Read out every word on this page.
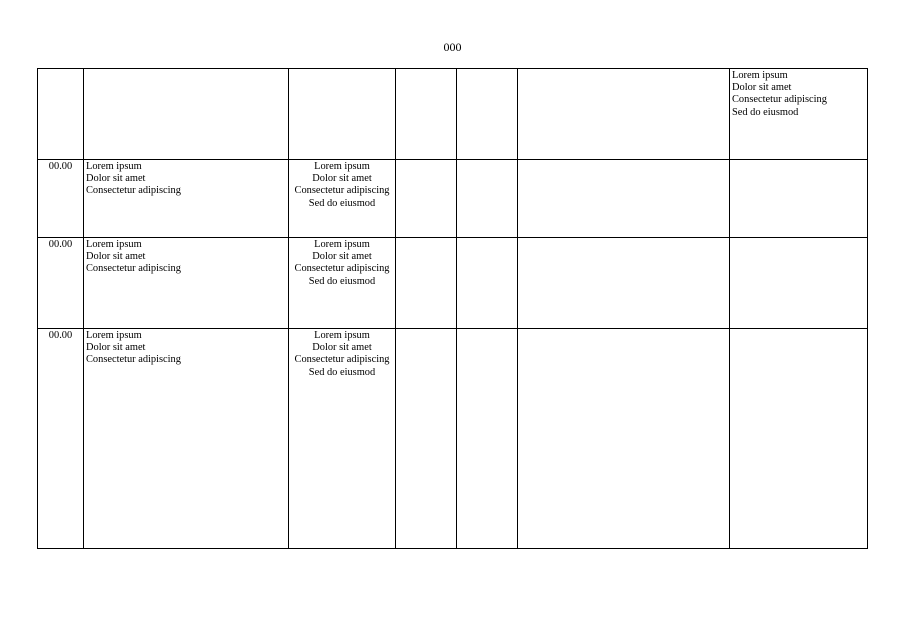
000

						Lorem ipsum
Dolor sit amet
Consectetur adipiscing
Sed do eiusmod

00.00	Lorem ipsum
Dolor sit amet
Consectetur adipiscing	Lorem ipsum
Dolor sit amet
Consectetur adipiscing
Sed do eiusmod				

00.00	Lorem ipsum
Dolor sit amet
Consectetur adipiscing	Lorem ipsum
Dolor sit amet
Consectetur adipiscing
Sed do eiusmod				

00.00	Lorem ipsum
Dolor sit amet
Consectetur adipiscing	Lorem ipsum
Dolor sit amet
Consectetur adipiscing
Sed do eiusmod				
